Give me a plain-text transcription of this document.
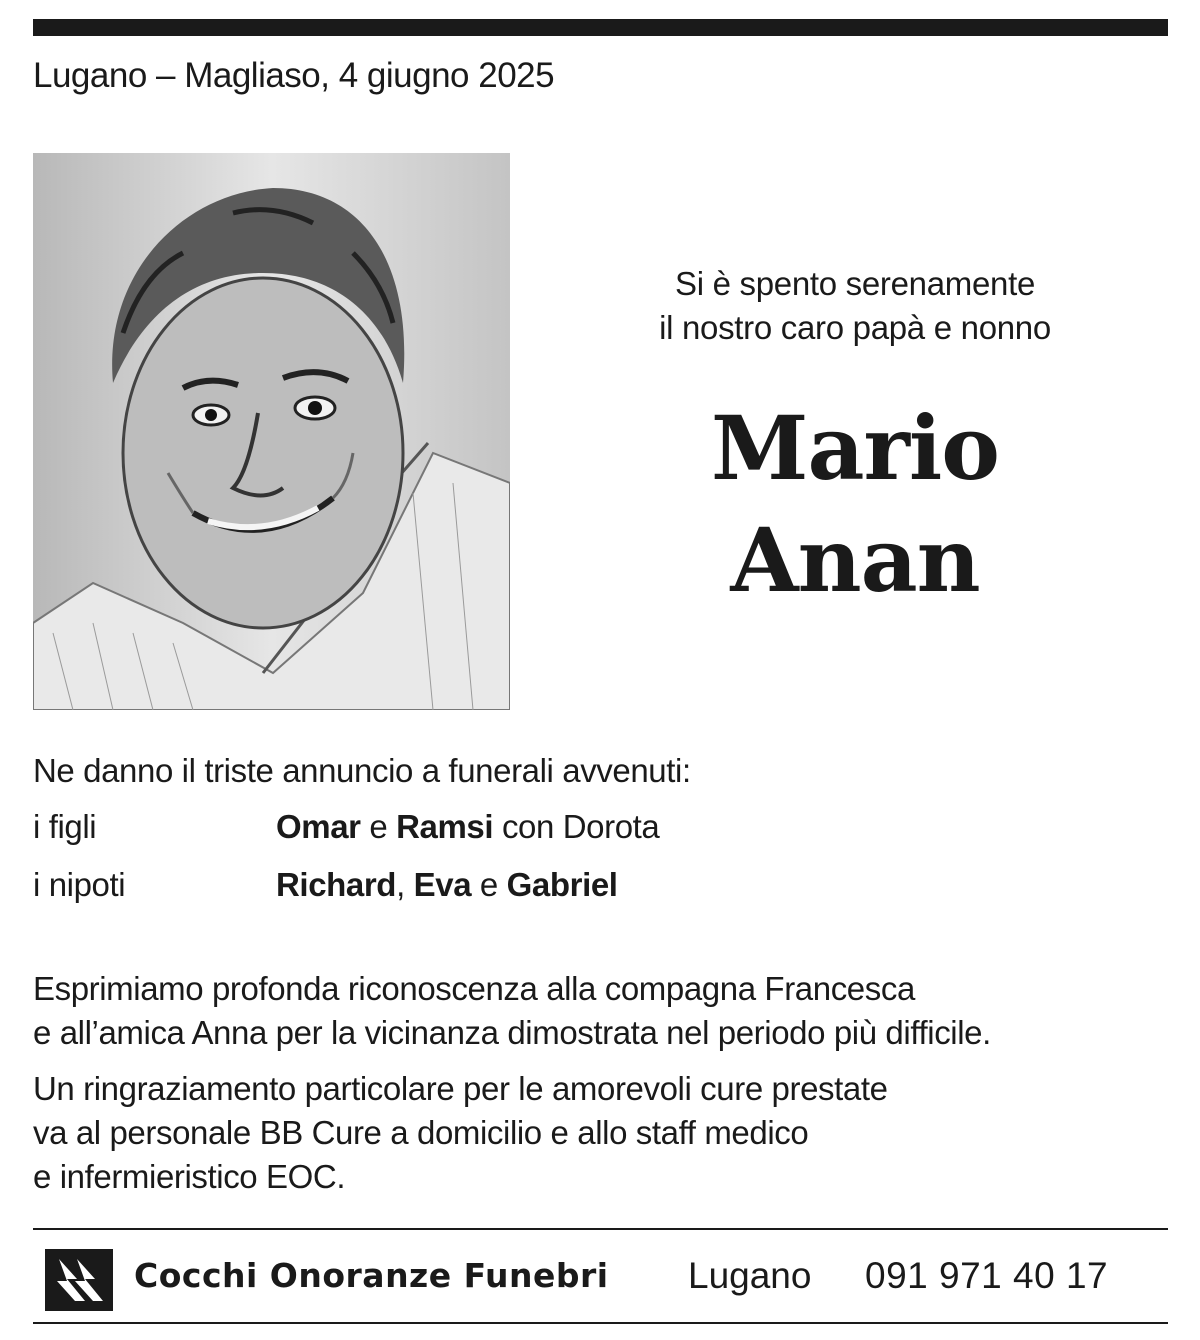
Lugano – Magliaso, 4 giugno 2025
Si è spento serenamente
il nostro caro papà e nonno
Mario
Anan
Ne danno il triste annuncio a funerali avvenuti:
i figli	Omar e Ramsi con Dorota
i nipoti	Richard, Eva e Gabriel
Esprimiamo profonda riconoscenza alla compagna Francesca
e all’amica Anna per la vicinanza dimostrata nel periodo più difficile.
Un ringraziamento particolare per le amorevoli cure prestate
va al personale BB Cure a domicilio e allo staff medico
e infermieristico EOC.
Cocchi Onoranze Funebri Lugano 091 971 40 17
